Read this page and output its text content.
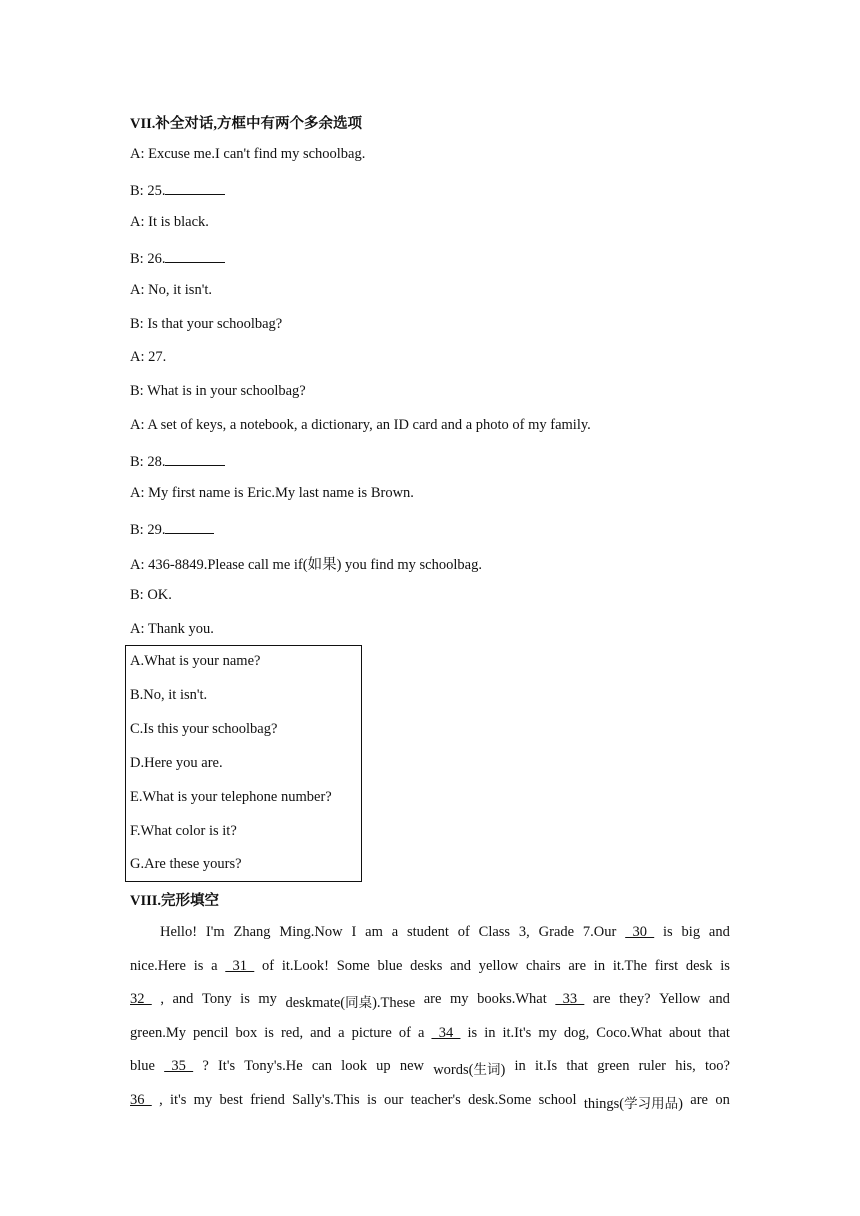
VII.补全对话,方框中有两个多余选项
A: Excuse me.I can't find my schoolbag.
B: 25.
A: It is black.
B: 26.
A: No, it isn't.
B: Is that your schoolbag?
A: 27.
B: What is in your schoolbag?
A: A set of keys, a notebook, a dictionary, an ID card and a photo of my family.
B: 28.
A: My first name is Eric.My last name is Brown.
B: 29.
A: 436-8849.Please call me if(如果) you find my schoolbag.
B: OK.
A: Thank you.
A.What is your name?
B.No, it isn't.
C.Is this your schoolbag?
D.Here you are.
E.What is your telephone number?
F.What color is it?
G.Are these yours?
VIII.完形填空
Hello! I'm Zhang Ming.Now I am a student of Class 3, Grade 7.Our 30 is big and
nice.Here is a 31 of it.Look! Some blue desks and yellow chairs are in it.The first desk is
32 , and Tony is my deskmate(同桌).These are my books.What 33 are they? Yellow and
green.My pencil box is red, and a picture of a 34 is in it.It's my dog, Coco.What about that
blue 35 ? It's Tony's.He can look up new words(生词) in it.Is that green ruler his, too?
36 , it's my best friend Sally's.This is our teacher's desk.Some school things(学习用品) are on
